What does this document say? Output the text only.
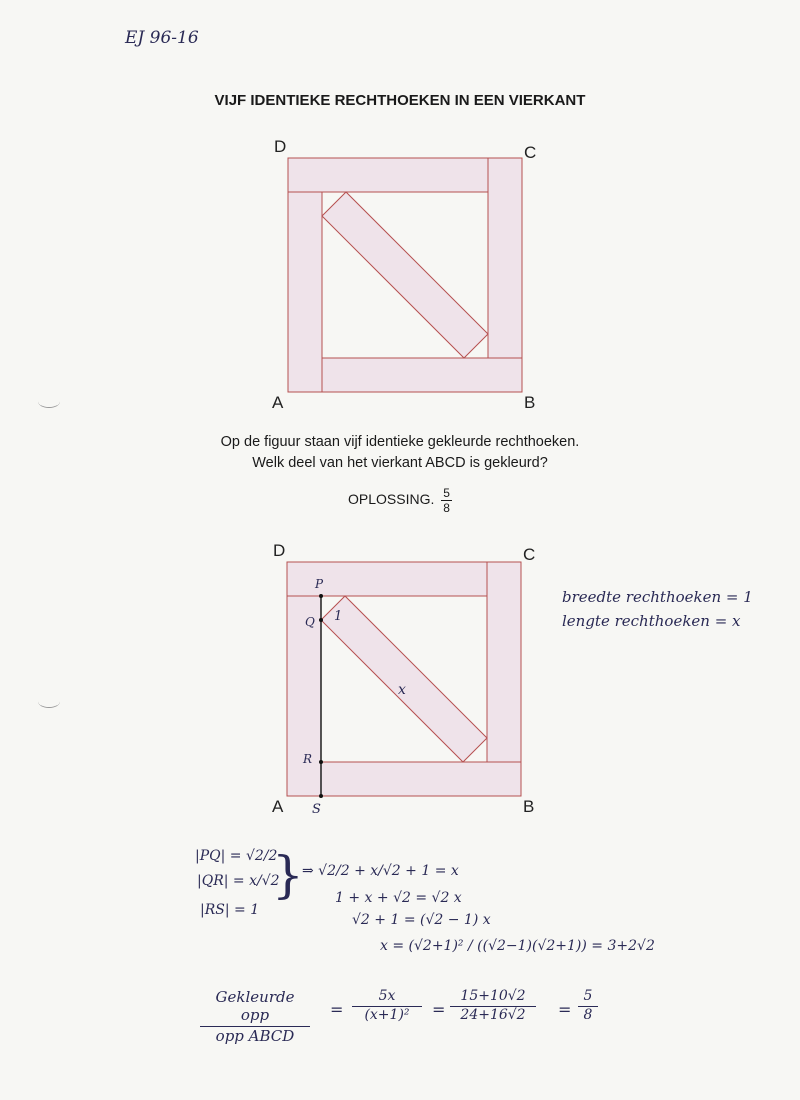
EJ 96-16
VIJF IDENTIEKE RECHTHOEKEN IN EEN VIERKANT
D	C
A	B
D	C
A	B
P
Q
R
S
1
x
Op de figuur staan vijf identieke gekleurde rechthoeken.
Welk deel van het vierkant ABCD is gekleurd?
OPLOSSING. $\frac{5}{8}$
breedte rechthoeken = 1
lengte rechthoeken = x
|PQ| = √2/2
|QR| = x/√2
|RS| = 1
}
⇒ √2/2 + x/√2 + 1 = x
1 + x + √2 = √2 x
√2 + 1 = (√2 − 1) x
x = (√2+1)² / ((√2−1)(√2+1)) = 3+2√2
Gekleurde opp
opp ABCD
= $\frac{5x}{\text{(x+1)²}} = \frac{15+10√2}{24+16√2} = \frac{5}{8}$
